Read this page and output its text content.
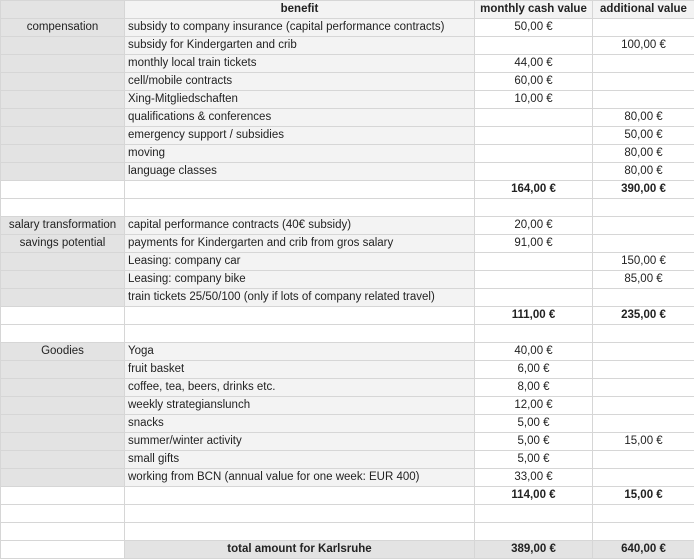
	benefit	monthly cash value	additional value
compensation	subsidy to company insurance (capital performance contracts)	50,00 €	
	subsidy for Kindergarten and crib		100,00 €
	monthly local train tickets	44,00 €	
	cell/mobile contracts	60,00 €	
	Xing-Mitgliedschaften	10,00 €	
	qualifications & conferences		80,00 €
	emergency support / subsidies		50,00 €
	moving		80,00 €
	language classes		80,00 €
		164,00 €	390,00 €

salary transformation	capital performance contracts (40€ subsidy)	20,00 €	
savings potential	payments for Kindergarten and crib from gros salary	91,00 €	
	Leasing: company car		150,00 €
	Leasing: company bike		85,00 €
	train tickets 25/50/100 (only if lots of company related travel)		
		111,00 €	235,00 €

Goodies	Yoga	40,00 €	
	fruit basket	6,00 €	
	coffee, tea, beers, drinks etc.	8,00 €	
	weekly strategianslunch	12,00 €	
	snacks	5,00 €	
	summer/winter activity	5,00 €	15,00 €
	small gifts	5,00 €	
	working from BCN (annual value for one week: EUR 400)	33,00 €	
		114,00 €	15,00 €

	total amount for Karlsruhe	389,00 €	640,00 €
